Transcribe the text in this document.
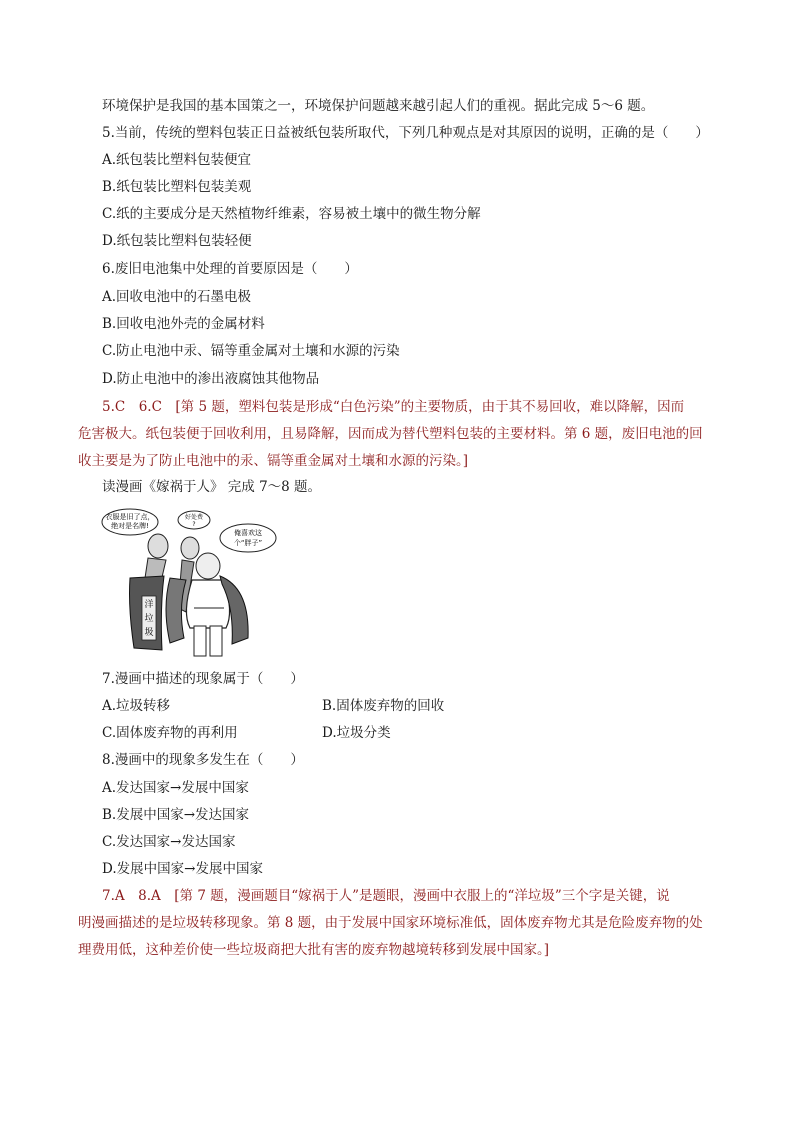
环境保护是我国的基本国策之一，环境保护问题越来越引起人们的重视。据此完成 5～6 题。
5.当前，传统的塑料包装正日益被纸包装所取代，下列几种观点是对其原因的说明，正确的是（　　）
A.纸包装比塑料包装便宜
B.纸包装比塑料包装美观
C.纸的主要成分是天然植物纤维素，容易被土壤中的微生物分解
D.纸包装比塑料包装轻便
6.废旧电池集中处理的首要原因是（　　）
A.回收电池中的石墨电极
B.回收电池外壳的金属材料
C.防止电池中汞、镉等重金属对土壤和水源的污染
D.防止电池中的渗出液腐蚀其他物品
5.C　6.C　[第 5 题，塑料包装是形成“白色污染”的主要物质，由于其不易回收，难以降解，因而
危害极大。纸包装便于回收利用，且易降解，因而成为替代塑料包装的主要材料。第 6 题，废旧电池的回
收主要是为了防止电池中的汞、镉等重金属对土壤和水源的污染。]
读漫画《嫁祸于人》 完成 7～8 题。
衣服是旧了点，
绝对是名牌!
好处费
?
俺喜欢这
个“胖子”
洋
垃
圾
7.漫画中描述的现象属于（　　）
A.垃圾转移	B.固体废弃物的回收
C.固体废弃物的再利用	D.垃圾分类
8.漫画中的现象多发生在（　　）
A.发达国家→发展中国家
B.发展中国家→发达国家
C.发达国家→发达国家
D.发展中国家→发展中国家
7.A　8.A　[第 7 题，漫画题目“嫁祸于人”是题眼，漫画中衣服上的“洋垃圾”三个字是关键，说
明漫画描述的是垃圾转移现象。第 8 题，由于发展中国家环境标准低，固体废弃物尤其是危险废弃物的处
理费用低，这种差价使一些垃圾商把大批有害的废弃物越境转移到发展中国家。]
